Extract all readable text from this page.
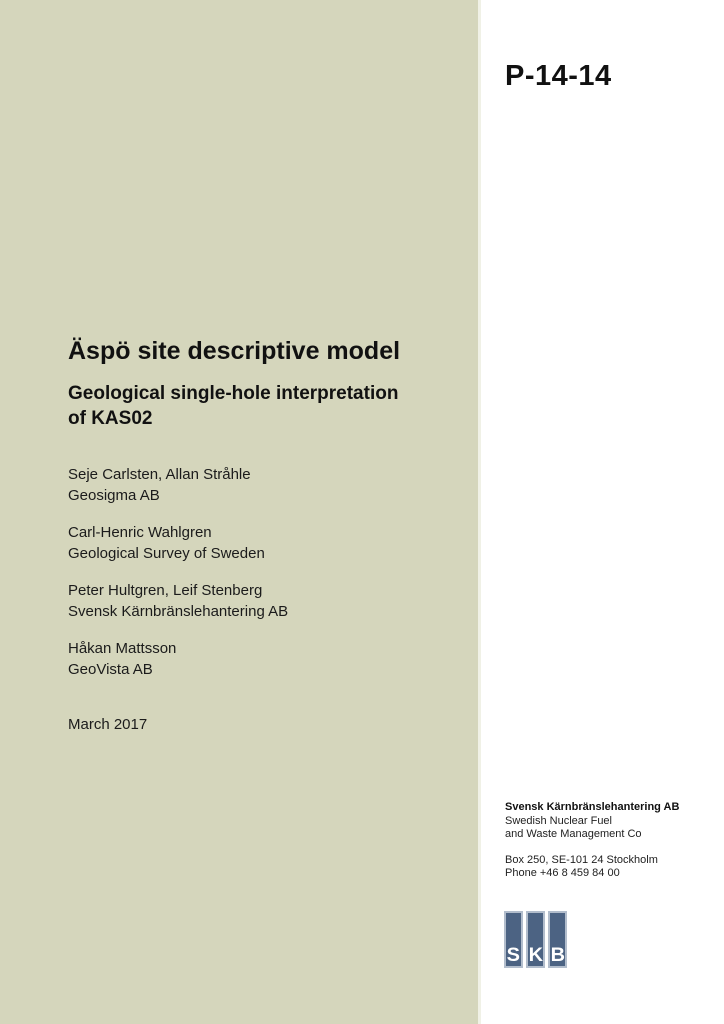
P-14-14
Äspö site descriptive model
Geological single-hole interpretation of KAS02
Seje Carlsten, Allan Stråhle
Geosigma AB
Carl-Henric Wahlgren
Geological Survey of Sweden
Peter Hultgren, Leif Stenberg
Svensk Kärnbränslehantering AB
Håkan Mattsson
GeoVista AB
March 2017
Svensk Kärnbränslehantering AB
Swedish Nuclear Fuel
and Waste Management Co
Box 250, SE-101 24 Stockholm
Phone +46 8 459 84 00
S K B
